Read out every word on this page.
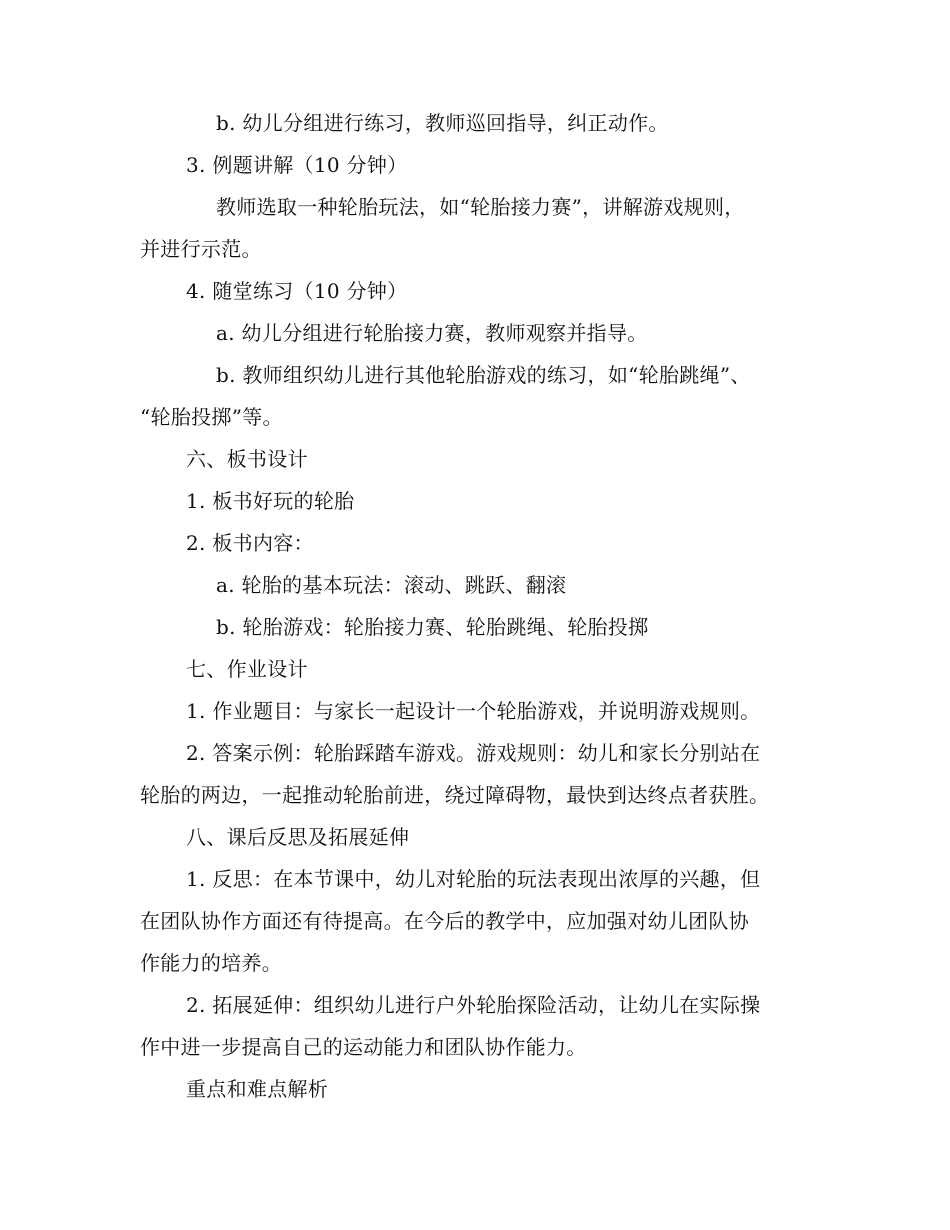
b. 幼儿分组进行练习，教师巡回指导，纠正动作。
3. 例题讲解（10 分钟）
教师选取一种轮胎玩法，如“轮胎接力赛”，讲解游戏规则，
并进行示范。
4. 随堂练习（10 分钟）
a. 幼儿分组进行轮胎接力赛，教师观察并指导。
b. 教师组织幼儿进行其他轮胎游戏的练习，如“轮胎跳绳”、
“轮胎投掷”等。
六、板书设计
1. 板书好玩的轮胎
2. 板书内容：
a. 轮胎的基本玩法：滚动、跳跃、翻滚
b. 轮胎游戏：轮胎接力赛、轮胎跳绳、轮胎投掷
七、作业设计
1. 作业题目：与家长一起设计一个轮胎游戏，并说明游戏规则。
2. 答案示例：轮胎踩踏车游戏。游戏规则：幼儿和家长分别站在
轮胎的两边，一起推动轮胎前进，绕过障碍物，最快到达终点者获胜。
八、课后反思及拓展延伸
1. 反思：在本节课中，幼儿对轮胎的玩法表现出浓厚的兴趣，但
在团队协作方面还有待提高。在今后的教学中，应加强对幼儿团队协
作能力的培养。
2. 拓展延伸：组织幼儿进行户外轮胎探险活动，让幼儿在实际操
作中进一步提高自己的运动能力和团队协作能力。
重点和难点解析
